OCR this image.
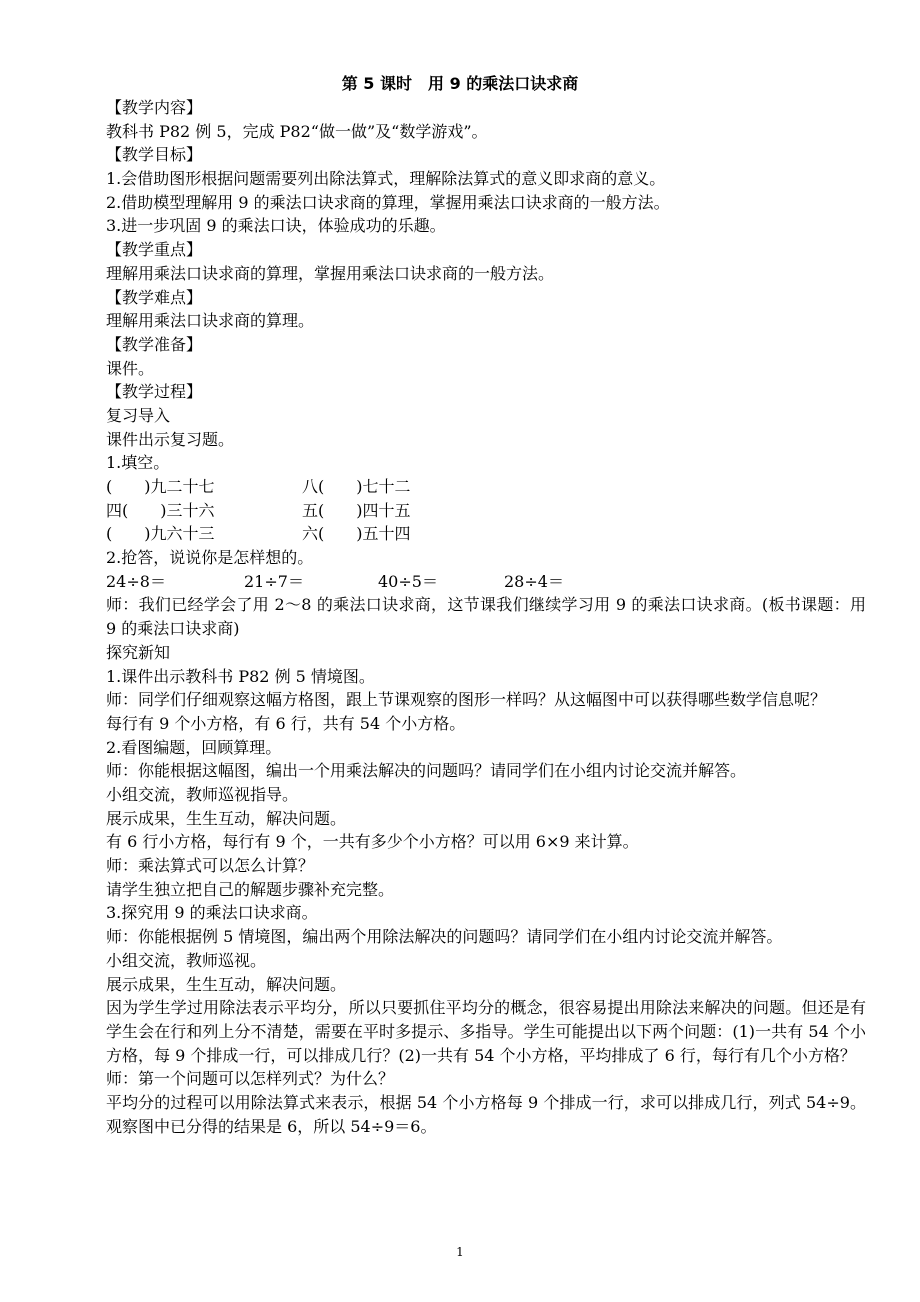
第 5 课时　用 9 的乘法口诀求商
【教学内容】
教科书 P82 例 5，完成 P82“做一做”及“数学游戏”。
【教学目标】
1.会借助图形根据问题需要列出除法算式，理解除法算式的意义即求商的意义。
2.借助模型理解用 9 的乘法口诀求商的算理，掌握用乘法口诀求商的一般方法。
3.进一步巩固 9 的乘法口诀，体验成功的乐趣。
【教学重点】
理解用乘法口诀求商的算理，掌握用乘法口诀求商的一般方法。
【教学难点】
理解用乘法口诀求商的算理。
【教学准备】
课件。
【教学过程】
复习导入
课件出示复习题。
1.填空。
(　　)九二十七	八(　　)七十二
四(　　)三十六	五(　　)四十五
(　　)九六十三	六(　　)五十四
2.抢答，说说你是怎样想的。
24÷8＝	21÷7＝	40÷5＝	28÷4＝
师：我们已经学会了用 2～8 的乘法口诀求商，这节课我们继续学习用 9 的乘法口诀求商。(板书课题：用 9 的乘法口诀求商)
探究新知
1.课件出示教科书 P82 例 5 情境图。
师：同学们仔细观察这幅方格图，跟上节课观察的图形一样吗？从这幅图中可以获得哪些数学信息呢？
每行有 9 个小方格，有 6 行，共有 54 个小方格。
2.看图编题，回顾算理。
师：你能根据这幅图，编出一个用乘法解决的问题吗？请同学们在小组内讨论交流并解答。
小组交流，教师巡视指导。
展示成果，生生互动，解决问题。
有 6 行小方格，每行有 9 个，一共有多少个小方格？可以用 6×9 来计算。
师：乘法算式可以怎么计算？
请学生独立把自己的解题步骤补充完整。
3.探究用 9 的乘法口诀求商。
师：你能根据例 5 情境图，编出两个用除法解决的问题吗？请同学们在小组内讨论交流并解答。
小组交流，教师巡视。
展示成果，生生互动，解决问题。
因为学生学过用除法表示平均分，所以只要抓住平均分的概念，很容易提出用除法来解决的问题。但还是有学生会在行和列上分不清楚，需要在平时多提示、多指导。学生可能提出以下两个问题：(1)一共有 54 个小方格，每 9 个排成一行，可以排成几行？(2)一共有 54 个小方格，平均排成了 6 行，每行有几个小方格？
师：第一个问题可以怎样列式？为什么？
平均分的过程可以用除法算式来表示，根据 54 个小方格每 9 个排成一行，求可以排成几行，列式 54÷9。观察图中已分得的结果是 6，所以 54÷9＝6。
1
